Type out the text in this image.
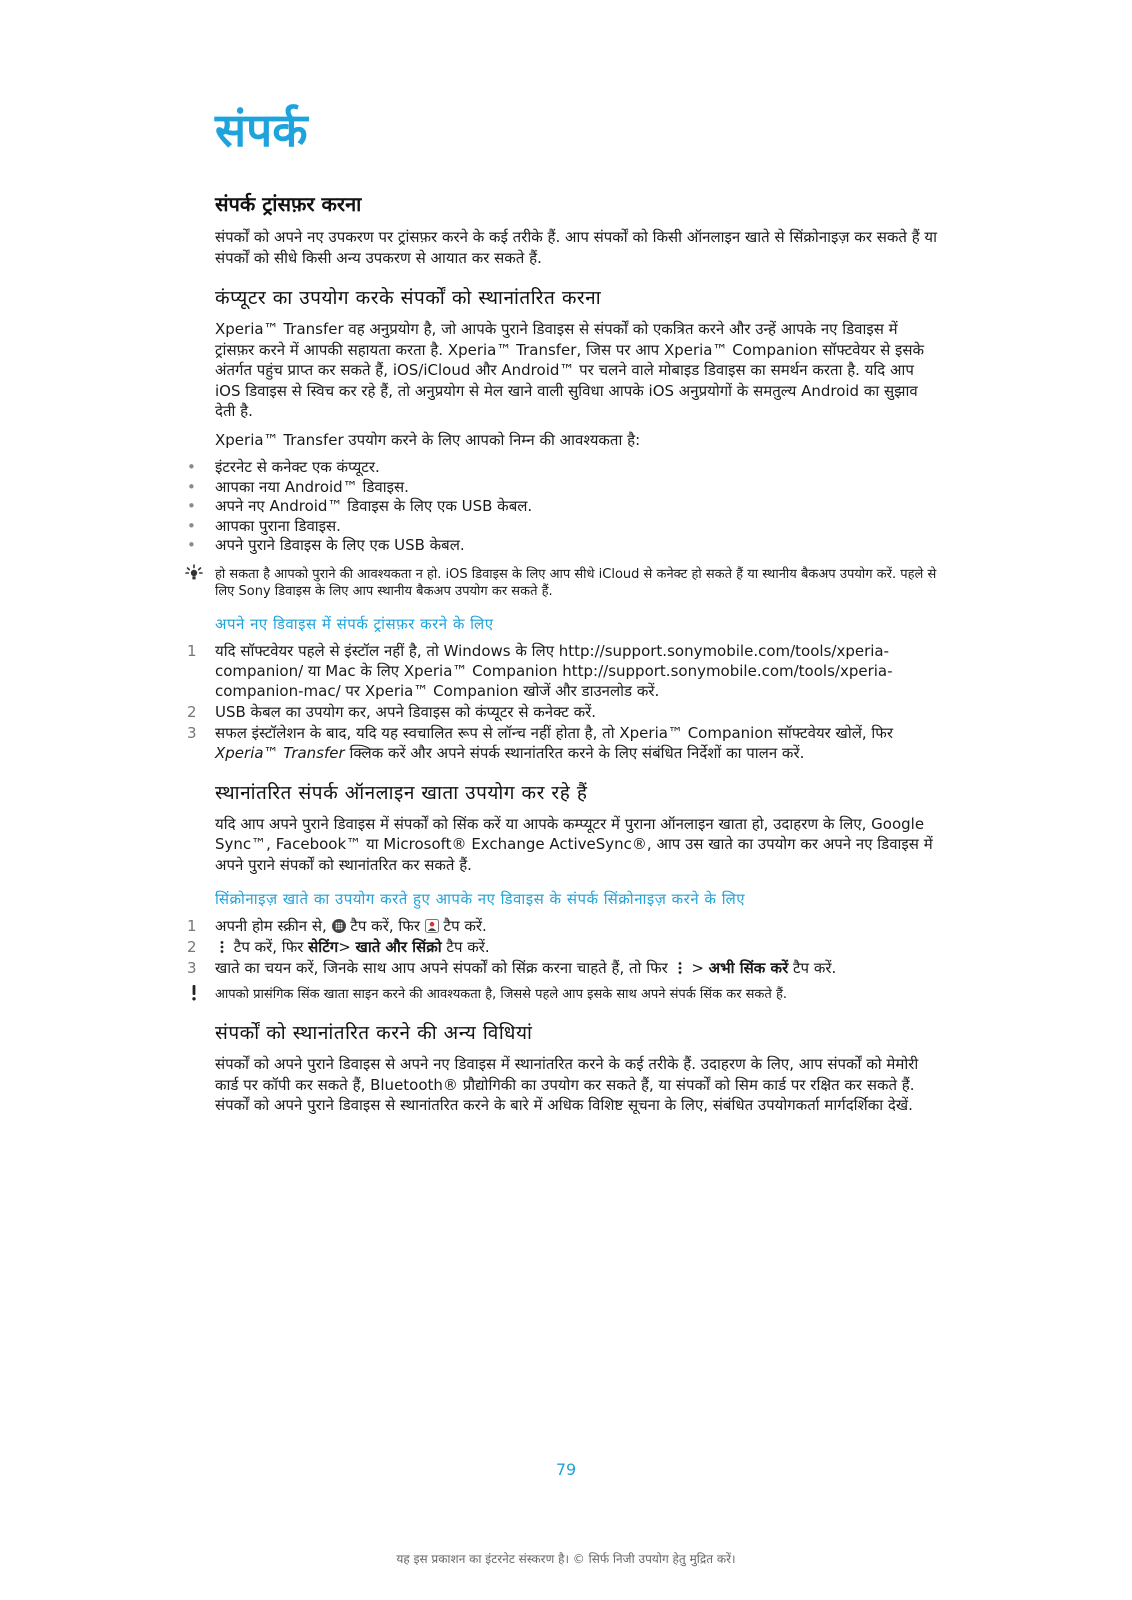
संपर्क
संपर्क ट्रांसफ़र करना

संपर्कों को अपने नए उपकरण पर ट्रांसफ़र करने के कई तरीके हैं. आप संपर्कों को किसी ऑनलाइन खाते से सिंक्रोनाइज़ कर सकते हैं या संपर्कों को सीधे किसी अन्य उपकरण से आयात कर सकते हैं.

कंप्यूटर का उपयोग करके संपर्कों को स्थानांतरित करना

Xperia™ Transfer वह अनुप्रयोग है, जो आपके पुराने डिवाइस से संपर्कों को एकत्रित करने और उन्हें आपके नए डिवाइस में ट्रांसफ़र करने में आपकी सहायता करता है. Xperia™ Transfer, जिस पर आप Xperia™ Companion सॉफ्टवेयर से इसके अंतर्गत पहुंच प्राप्त कर सकते हैं, iOS/iCloud और Android™ पर चलने वाले मोबाइड डिवाइस का समर्थन करता है. यदि आप iOS डिवाइस से स्विच कर रहे हैं, तो अनुप्रयोग से मेल खाने वाली सुविधा आपके iOS अनुप्रयोगों के समतुल्य Android का सुझाव देती है.

Xperia™ Transfer उपयोग करने के लिए आपको निम्न की आवश्यकता है:

• इंटरनेट से कनेक्ट एक कंप्यूटर.
• आपका नया Android™ डिवाइस.
• अपने नए Android™ डिवाइस के लिए एक USB केबल.
• आपका पुराना डिवाइस.
• अपने पुराने डिवाइस के लिए एक USB केबल.
हो सकता है आपको पुराने की आवश्यकता न हो. iOS डिवाइस के लिए आप सीधे iCloud से कनेक्ट हो सकते हैं या स्थानीय बैकअप उपयोग करें. पहले से लिए Sony डिवाइस के लिए आप स्थानीय बैकअप उपयोग कर सकते हैं.
अपने नए डिवाइस में संपर्क ट्रांसफ़र करने के लिए
1 यदि सॉफ्टवेयर पहले से इंस्टॉल नहीं है, तो Windows के लिए http://support.sonymobile.com/tools/xperia-companion/ या Mac के लिए Xperia™ Companion http://support.sonymobile.com/tools/xperia-companion-mac/ पर Xperia™ Companion खोजें और डाउनलोड करें.
2 USB केबल का उपयोग कर, अपने डिवाइस को कंप्यूटर से कनेक्ट करें.
3 सफल इंस्टॉलेशन के बाद, यदि यह स्वचालित रूप से लॉन्च नहीं होता है, तो Xperia™ Companion सॉफ्टवेयर खोलें, फिर Xperia™ Transfer क्लिक करें और अपने संपर्क स्थानांतरित करने के लिए संबंधित निर्देशों का पालन करें.
स्थानांतरित संपर्क ऑनलाइन खाता उपयोग कर रहे हैं

यदि आप अपने पुराने डिवाइस में संपर्कों को सिंक करें या आपके कम्प्यूटर में पुराना ऑनलाइन खाता हो, उदाहरण के लिए, Google Sync™, Facebook™ या Microsoft® Exchange ActiveSync®, आप उस खाते का उपयोग कर अपने नए डिवाइस में अपने पुराने संपर्कों को स्थानांतरित कर सकते हैं.

सिंक्रोनाइज़ खाते का उपयोग करते हुए आपके नए डिवाइस के संपर्क सिंक्रोनाइज़ करने के लिए
1 अपनी होम स्क्रीन से,  टैप करें, फिर  टैप करें.
2 टैप करें, फिर सेटिंग> खाते और सिंक्रो टैप करें.
3 खाते का चयन करें, जिनके साथ आप अपने संपर्कों को सिंक्र करना चाहते हैं, तो फिर  > अभी सिंक करें टैप करें.
आपको प्रासंगिक सिंक खाता साइन करने की आवश्यकता है, जिससे पहले आप इसके साथ अपने संपर्क सिंक कर सकते हैं.
संपर्कों को स्थानांतरित करने की अन्य विधियां

संपर्कों को अपने पुराने डिवाइस से अपने नए डिवाइस में स्थानांतरित करने के कई तरीके हैं. उदाहरण के लिए, आप संपर्कों को मेमोरी कार्ड पर कॉपी कर सकते हैं, Bluetooth® प्रौद्योगिकी का उपयोग कर सकते हैं, या संपर्कों को सिम कार्ड पर रक्षित कर सकते हैं. संपर्कों को अपने पुराने डिवाइस से स्थानांतरित करने के बारे में अधिक विशिष्ट सूचना के लिए, संबंधित उपयोगकर्ता मार्गदर्शिका देखें.

79
यह इस प्रकाशन का इंटरनेट संस्करण है। © सिर्फ निजी उपयोग हेतु मुद्रित करें।
